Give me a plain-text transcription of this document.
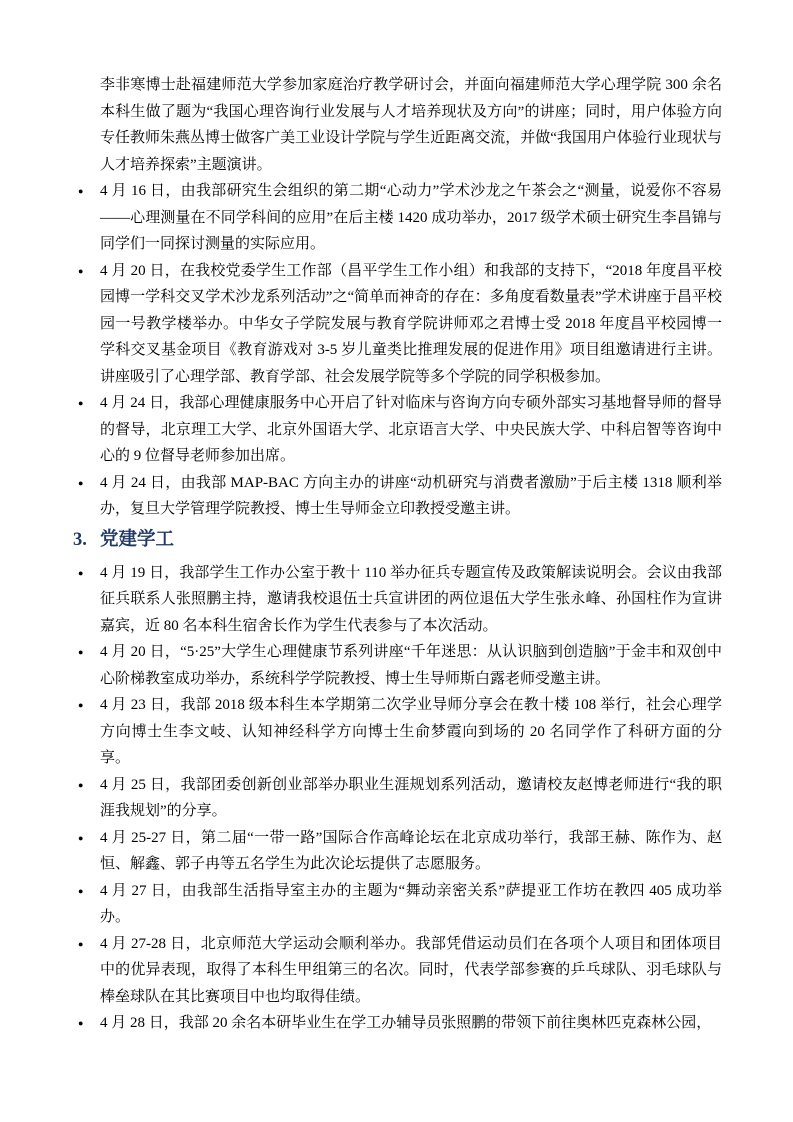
李非寒博士赴福建师范大学参加家庭治疗教学研讨会，并面向福建师范大学心理学院 300 余名本科生做了题为“我国心理咨询行业发展与人才培养现状及方向”的讲座；同时，用户体验方向专任教师朱燕丛博士做客广美工业设计学院与学生近距离交流，并做“我国用户体验行业现状与人才培养探索”主题演讲。

● 4 月 16 日，由我部研究生会组织的第二期“心动力”学术沙龙之午茶会之“测量，说爱你不容易——心理测量在不同学科间的应用”在后主楼 1420 成功举办，2017 级学术硕士研究生李昌锦与同学们一同探讨测量的实际应用。
● 4 月 20 日，在我校党委学生工作部（昌平学生工作小组）和我部的支持下，“2018 年度昌平校园博一学科交叉学术沙龙系列活动”之“简单而神奇的存在：多角度看数量表”学术讲座于昌平校园一号教学楼举办。中华女子学院发展与教育学院讲师邓之君博士受 2018 年度昌平校园博一学科交叉基金项目《教育游戏对 3-5 岁儿童类比推理发展的促进作用》项目组邀请进行主讲。讲座吸引了心理学部、教育学部、社会发展学院等多个学院的同学积极参加。
● 4 月 24 日，我部心理健康服务中心开启了针对临床与咨询方向专硕外部实习基地督导师的督导的督导，北京理工大学、北京外国语大学、北京语言大学、中央民族大学、中科启智等咨询中心的 9 位督导老师参加出席。
● 4 月 24 日，由我部 MAP-BAC 方向主办的讲座“动机研究与消费者激励”于后主楼 1318 顺利举办，复旦大学管理学院教授、博士生导师金立印教授受邀主讲。
3. 党建学工
● 4 月 19 日，我部学生工作办公室于教十 110 举办征兵专题宣传及政策解读说明会。会议由我部征兵联系人张照鹏主持，邀请我校退伍士兵宣讲团的两位退伍大学生张永峰、孙国柱作为宣讲嘉宾，近 80 名本科生宿舍长作为学生代表参与了本次活动。
● 4 月 20 日，“5·25”大学生心理健康节系列讲座“千年迷思：从认识脑到创造脑”于金丰和双创中心阶梯教室成功举办，系统科学学院教授、博士生导师斯白露老师受邀主讲。
● 4 月 23 日，我部 2018 级本科生本学期第二次学业导师分享会在教十楼 108 举行，社会心理学方向博士生李文岐、认知神经科学方向博士生俞梦霞向到场的 20 名同学作了科研方面的分享。
● 4 月 25 日，我部团委创新创业部举办职业生涯规划系列活动，邀请校友赵博老师进行“我的职涯我规划”的分享。
● 4 月 25-27 日，第二届“一带一路”国际合作高峰论坛在北京成功举行，我部王赫、陈作为、赵恒、解鑫、郭子冉等五名学生为此次论坛提供了志愿服务。
● 4 月 27 日，由我部生活指导室主办的主题为“舞动亲密关系”萨提亚工作坊在教四 405 成功举办。
● 4 月 27-28 日，北京师范大学运动会顺利举办。我部凭借运动员们在各项个人项目和团体项目中的优异表现，取得了本科生甲组第三的名次。同时，代表学部参赛的乒乓球队、羽毛球队与棒垒球队在其比赛项目中也均取得佳绩。
● 4 月 28 日，我部 20 余名本研毕业生在学工办辅导员张照鹏的带领下前往奥林匹克森林公园，
